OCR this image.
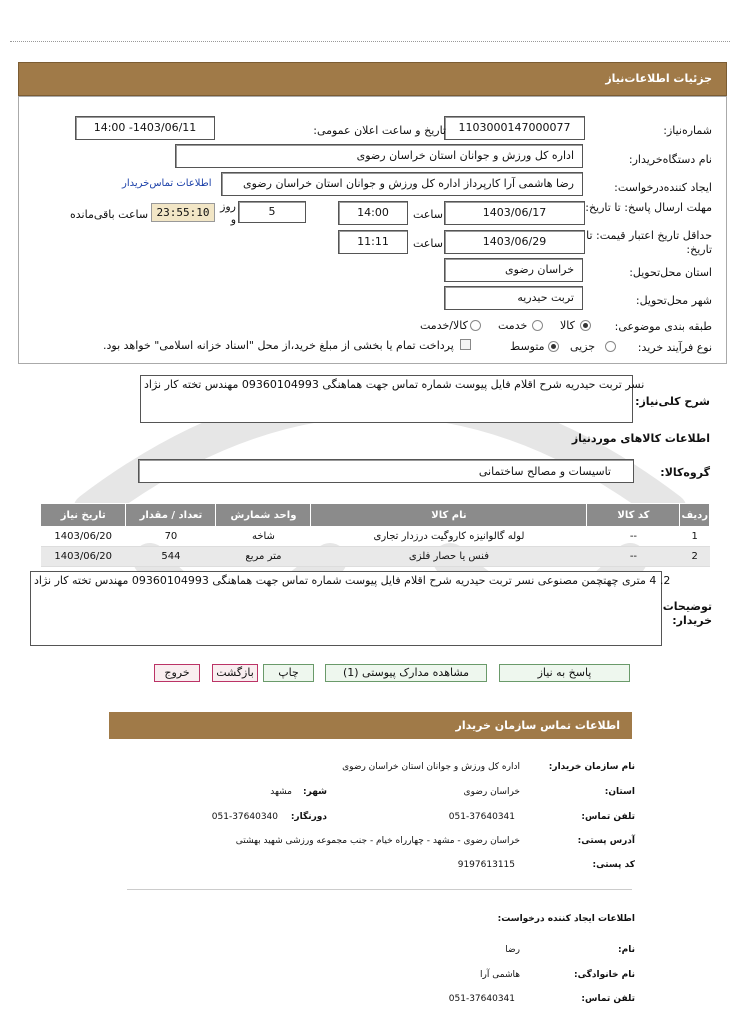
جزئیات اطلاعات‌نیاز
شماره‌نیاز:
1103000147000077
تاریخ و ساعت اعلان عمومی:
1403/06/11- 14:00
نام دستگاه‌خریدار:
اداره کل ورزش و جوانان استان خراسان رضوی
ایجاد کننده‌درخواست:
رضا هاشمی آرا کارپرداز اداره کل ورزش و جوانان استان خراسان رضوی
اطلاعات تماس‌خریدار
مهلت ارسال پاسخ: تا تاریخ:
1403/06/17
ساعت
14:00
5
روز و
23:55:10
ساعت باقی‌مانده
حداقل تاریخ اعتبار قیمت: تا تاریخ:
1403/06/29
ساعت
11:11
استان محل‌تحویل:
خراسان رضوی
شهر محل‌تحویل:
تربت حیدریه
طبقه بندی موضوعی:
کالا
خدمت
کالا/خدمت
نوع فرآیند خرید:
جزیی
متوسط
پرداخت تمام یا بخشی از مبلغ خرید،از محل "اسناد خزانه اسلامی" خواهد بود.
شرح کلی‌نیاز:
نسر تربت حیدریه شرح اقلام فایل پیوست شماره تماس جهت هماهنگی 09360104993 مهندس تخته کار نژاد
اطلاعات کالاهای موردنیاز
گروه‌کالا:
تاسیسات و مصالح ساختمانی
ردیف	کد کالا	نام کالا	واحد شمارش	تعداد / مقدار	تاریخ نیاز
1	--	لوله گالوانیزه کاروگیت درزدار تجاری	شاخه	70	1403/06/20
2	--	فنس یا حصار فلزی	متر مربع	544	1403/06/20
توضیحات خریدار:
2. 4 متری چهتچمن مصنوعی نسر تربت حیدریه شرح اقلام فایل پیوست شماره تماس جهت هماهنگی 09360104993 مهندس تخته کار نژاد
پاسخ به نیاز
مشاهده مدارک پیوستی (1)
چاپ
بازگشت
خروج
اطلاعات تماس سازمان خریدار
نام سازمان خریدار:
اداره کل ورزش و جوانان استان خراسان رضوی
استان:
خراسان رضوی
شهر:
مشهد
تلفن تماس:
051-37640341
دورنگار:
051-37640340
آدرس پستی:
خراسان رضوی - مشهد - چهارراه خیام - جنب مجموعه ورزشی شهید بهشتی
کد پستی:
9197613115
اطلاعات ایجاد کننده درخواست:
نام:
رضا
نام خانوادگی:
هاشمی آرا
تلفن تماس:
051-37640341
